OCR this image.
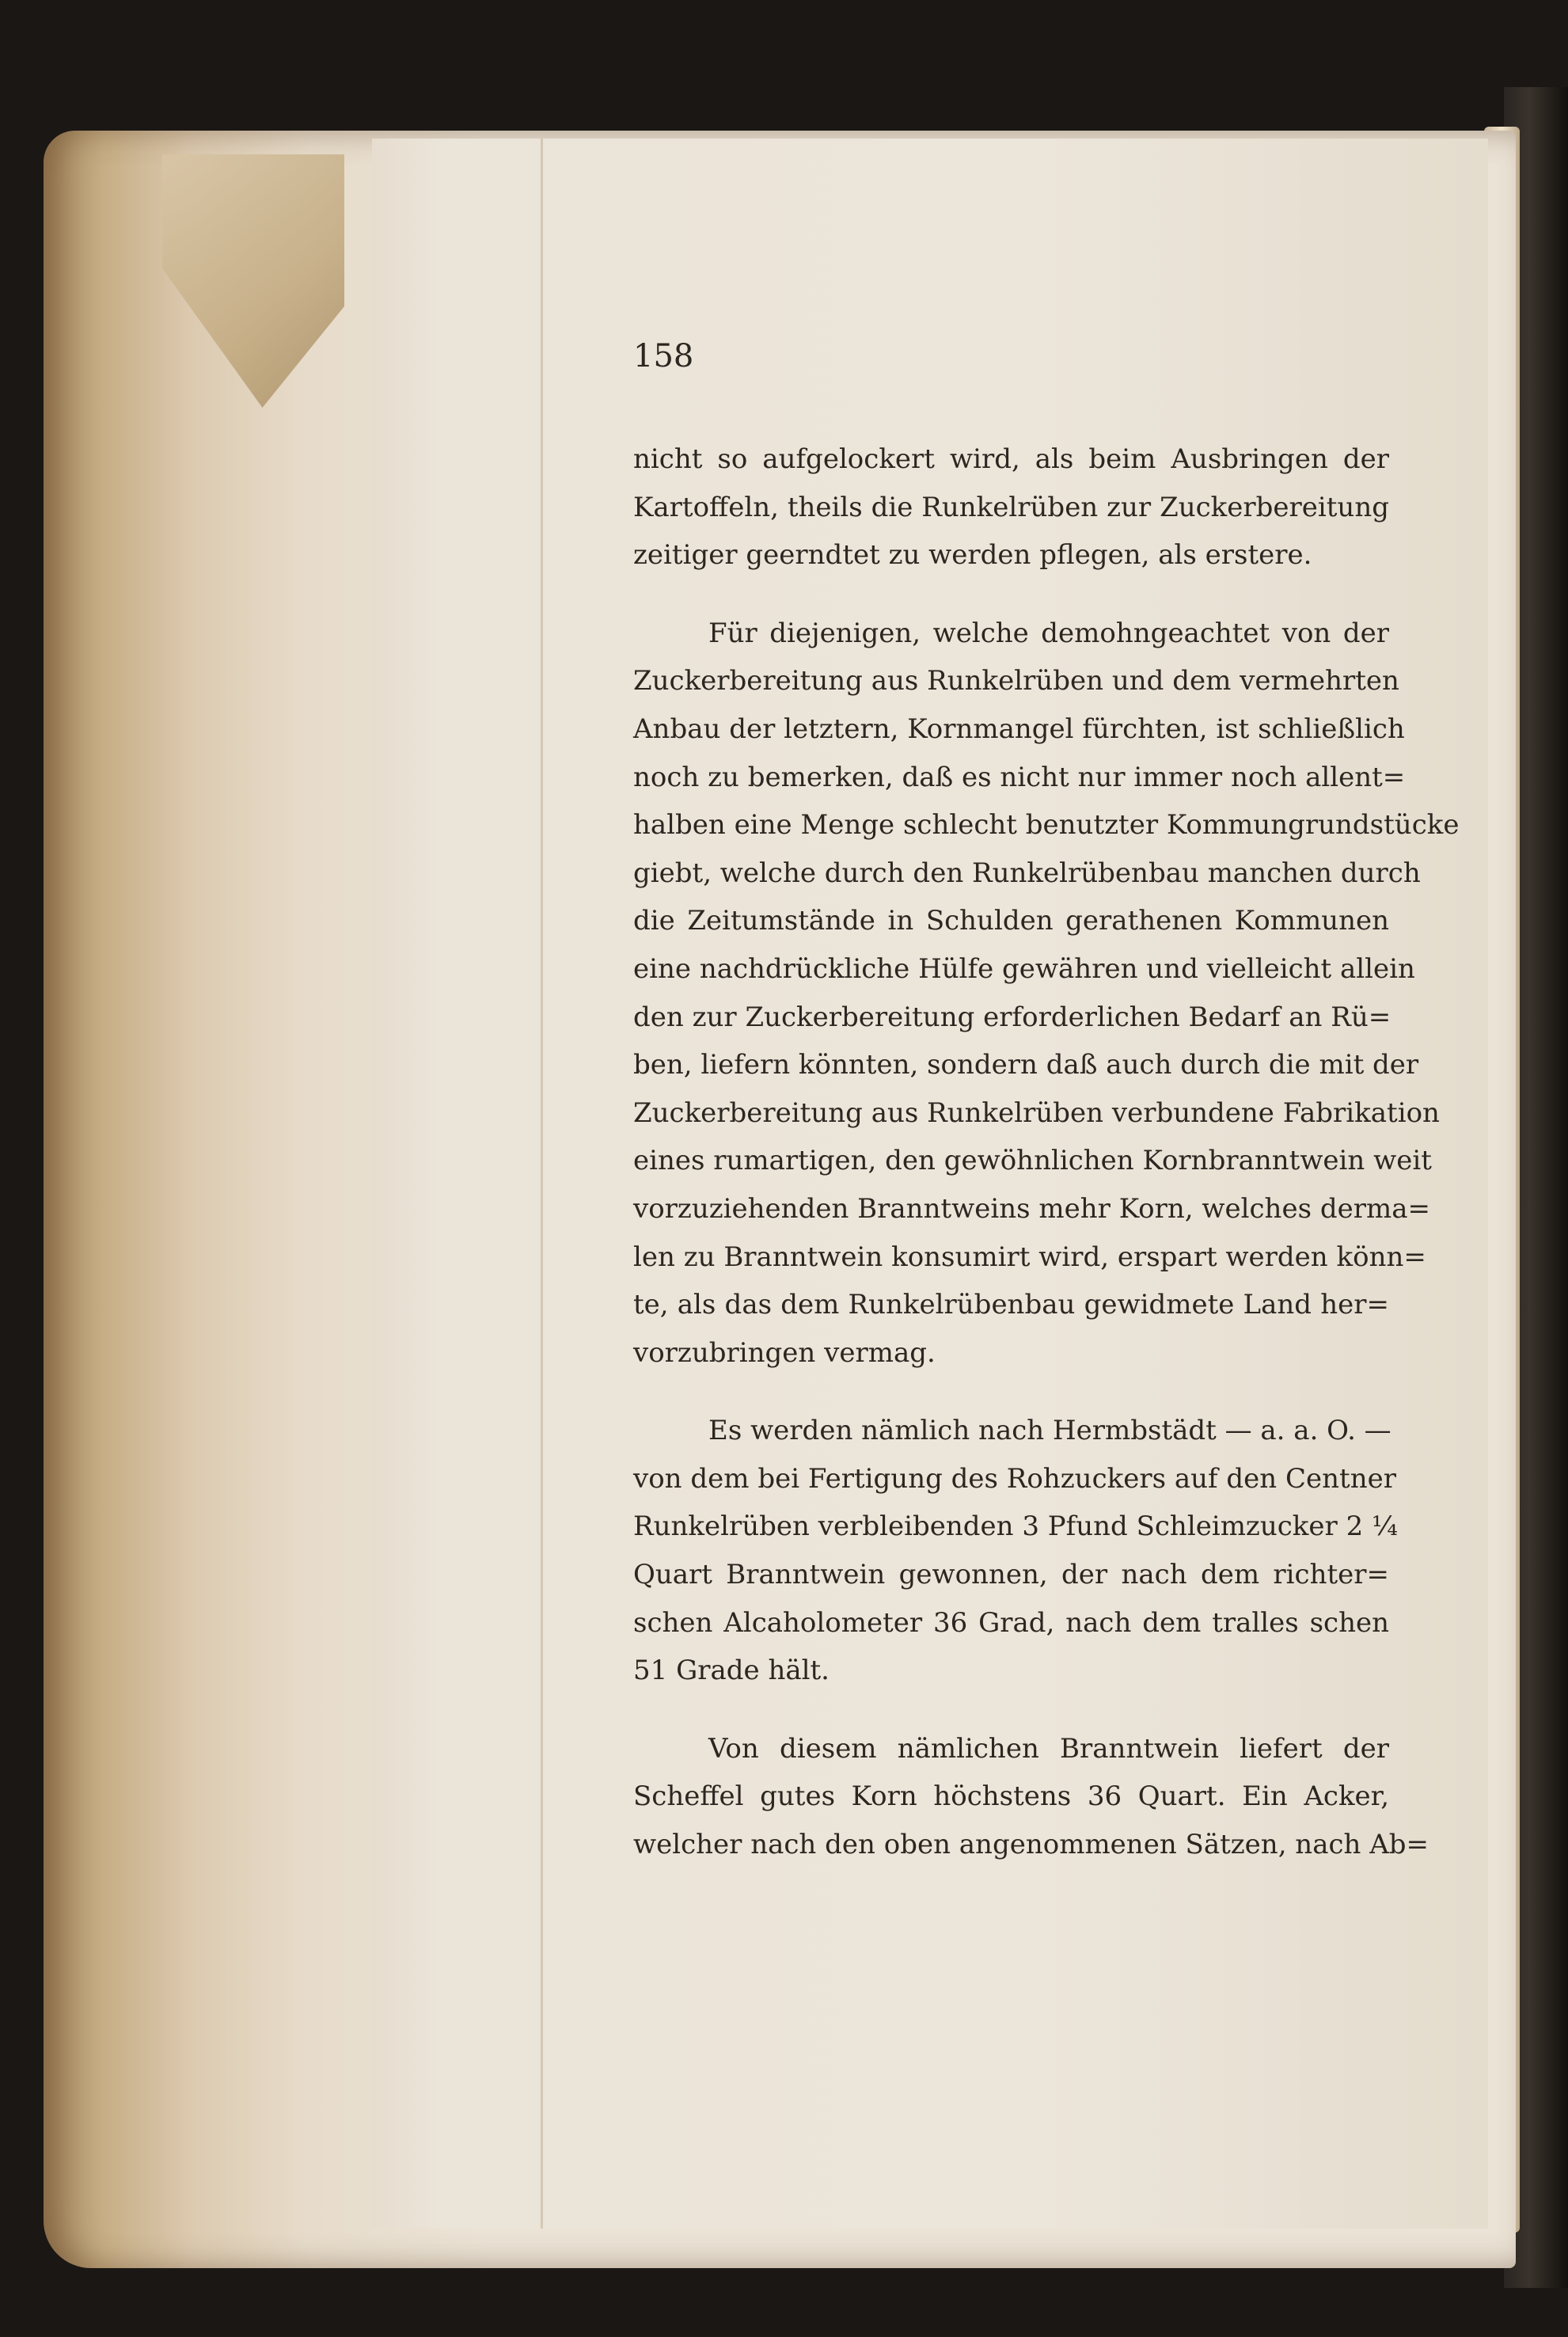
158
nicht so aufgelockert wird, als beim Ausbringen der
Kartoffeln, theils die Runkelrüben zur Zuckerbereitung
zeitiger geerndtet zu werden pflegen, als erstere.
Für diejenigen, welche demohngeachtet von der
Zuckerbereitung aus Runkelrüben und dem vermehrten
Anbau der letztern, Kornmangel fürchten, ist schließlich
noch zu bemerken, daß es nicht nur immer noch allent=
halben eine Menge schlecht benutzter Kommungrundstücke
giebt, welche durch den Runkelrübenbau manchen durch
die Zeitumstände in Schulden gerathenen Kommunen
eine nachdrückliche Hülfe gewähren und vielleicht allein
den zur Zuckerbereitung erforderlichen Bedarf an Rü=
ben, liefern könnten, sondern daß auch durch die mit der
Zuckerbereitung aus Runkelrüben verbundene Fabrikation
eines rumartigen, den gewöhnlichen Kornbranntwein weit
vorzuziehenden Branntweins mehr Korn, welches dermа=
len zu Branntwein konsumirt wird, erspart werden könn=
te, als das dem Runkelrübenbau gewidmete Land her=
vorzubringen vermag.
Es werden nämlich nach Hermbstädt — a. a. O. —
von dem bei Fertigung des Rohzuckers auf den Centner
Runkelrüben verbleibenden 3 Pfund Schleimzucker 2 ¼
Quart Branntwein gewonnen, der nach dem richter=
schen Alcaholometer 36 Grad, nach dem tralles schen
51 Grade hält.
Von diesem nämlichen Branntwein liefert der
Scheffel gutes Korn höchstens 36 Quart. Ein Acker,
welcher nach den oben angenommenen Sätzen, nach Ab=
